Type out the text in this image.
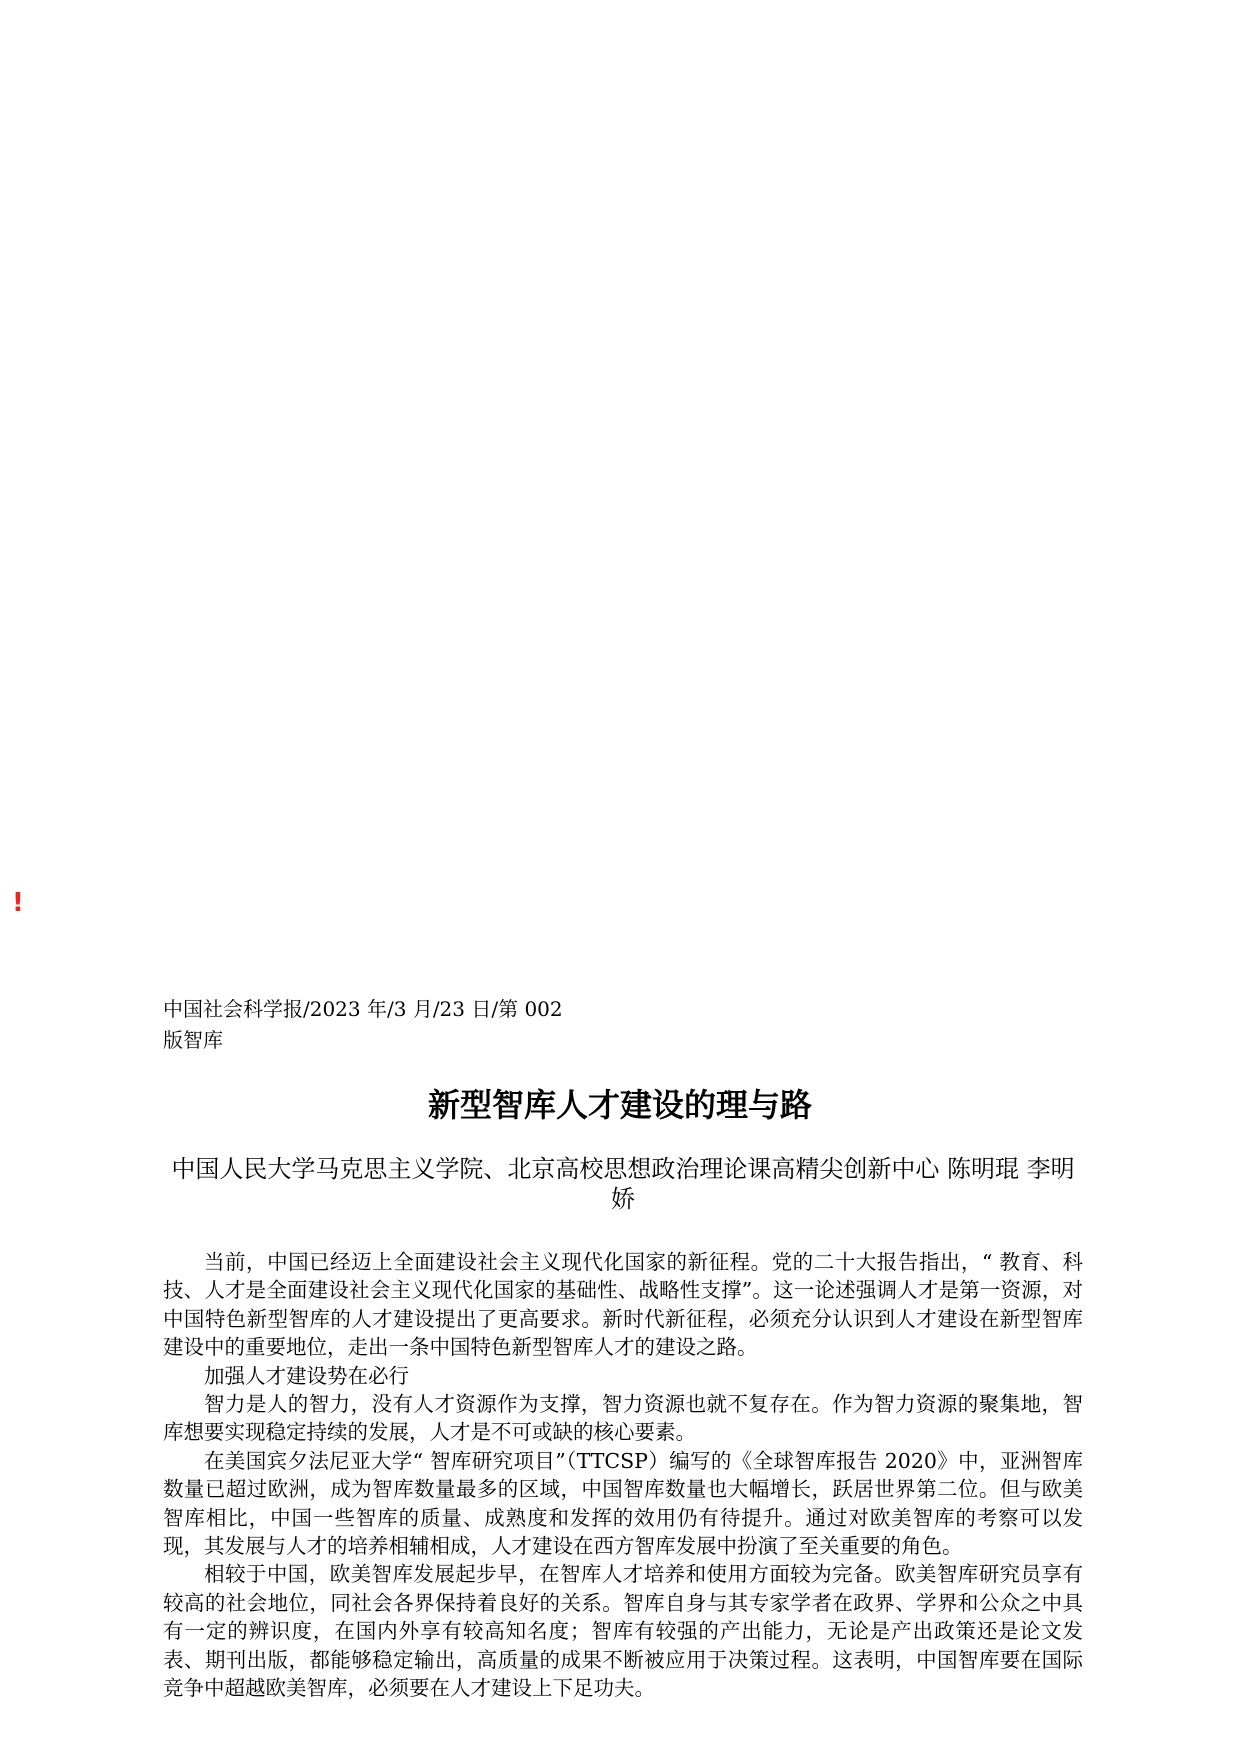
!
中国社会科学报/2023 年/3 月/23 日/第 002 版智库
新型智库人才建设的理与路
中国人民大学马克思主义学院、北京高校思想政治理论课高精尖创新中心 陈明琨 李明娇

当前，中国已经迈上全面建设社会主义现代化国家的新征程。党的二十大报告指出，“ 教育、科技、人才是全面建设社会主义现代化国家的基础性、战略性支撑”。这一论述强调人才是第一资源，对中国特色新型智库的人才建设提出了更高要求。新时代新征程，必须充分认识到人才建设在新型智库建设中的重要地位，走出一条中国特色新型智库人才的建设之路。

加强人才建设势在必行

智力是人的智力，没有人才资源作为支撑，智力资源也就不复存在。作为智力资源的聚集地，智库想要实现稳定持续的发展，人才是不可或缺的核心要素。

在美国宾夕法尼亚大学“ 智库研究项目”（TTCSP）编写的《全球智库报告 2020》中，亚洲智库数量已超过欧洲，成为智库数量最多的区域，中国智库数量也大幅增长，跃居世界第二位。但与欧美智库相比，中国一些智库的质量、成熟度和发挥的效用仍有待提升。通过对欧美智库的考察可以发现，其发展与人才的培养相辅相成，人才建设在西方智库发展中扮演了至关重要的角色。

相较于中国，欧美智库发展起步早，在智库人才培养和使用方面较为完备。欧美智库研究员享有较高的社会地位，同社会各界保持着良好的关系。智库自身与其专家学者在政界、学界和公众之中具有一定的辨识度，在国内外享有较高知名度；智库有较强的产出能力，无论是产出政策还是论文发表、期刊出版，都能够稳定输出，高质量的成果不断被应用于决策过程。这表明，中国智库要在国际竞争中超越欧美智库，必须要在人才建设上下足功夫。
